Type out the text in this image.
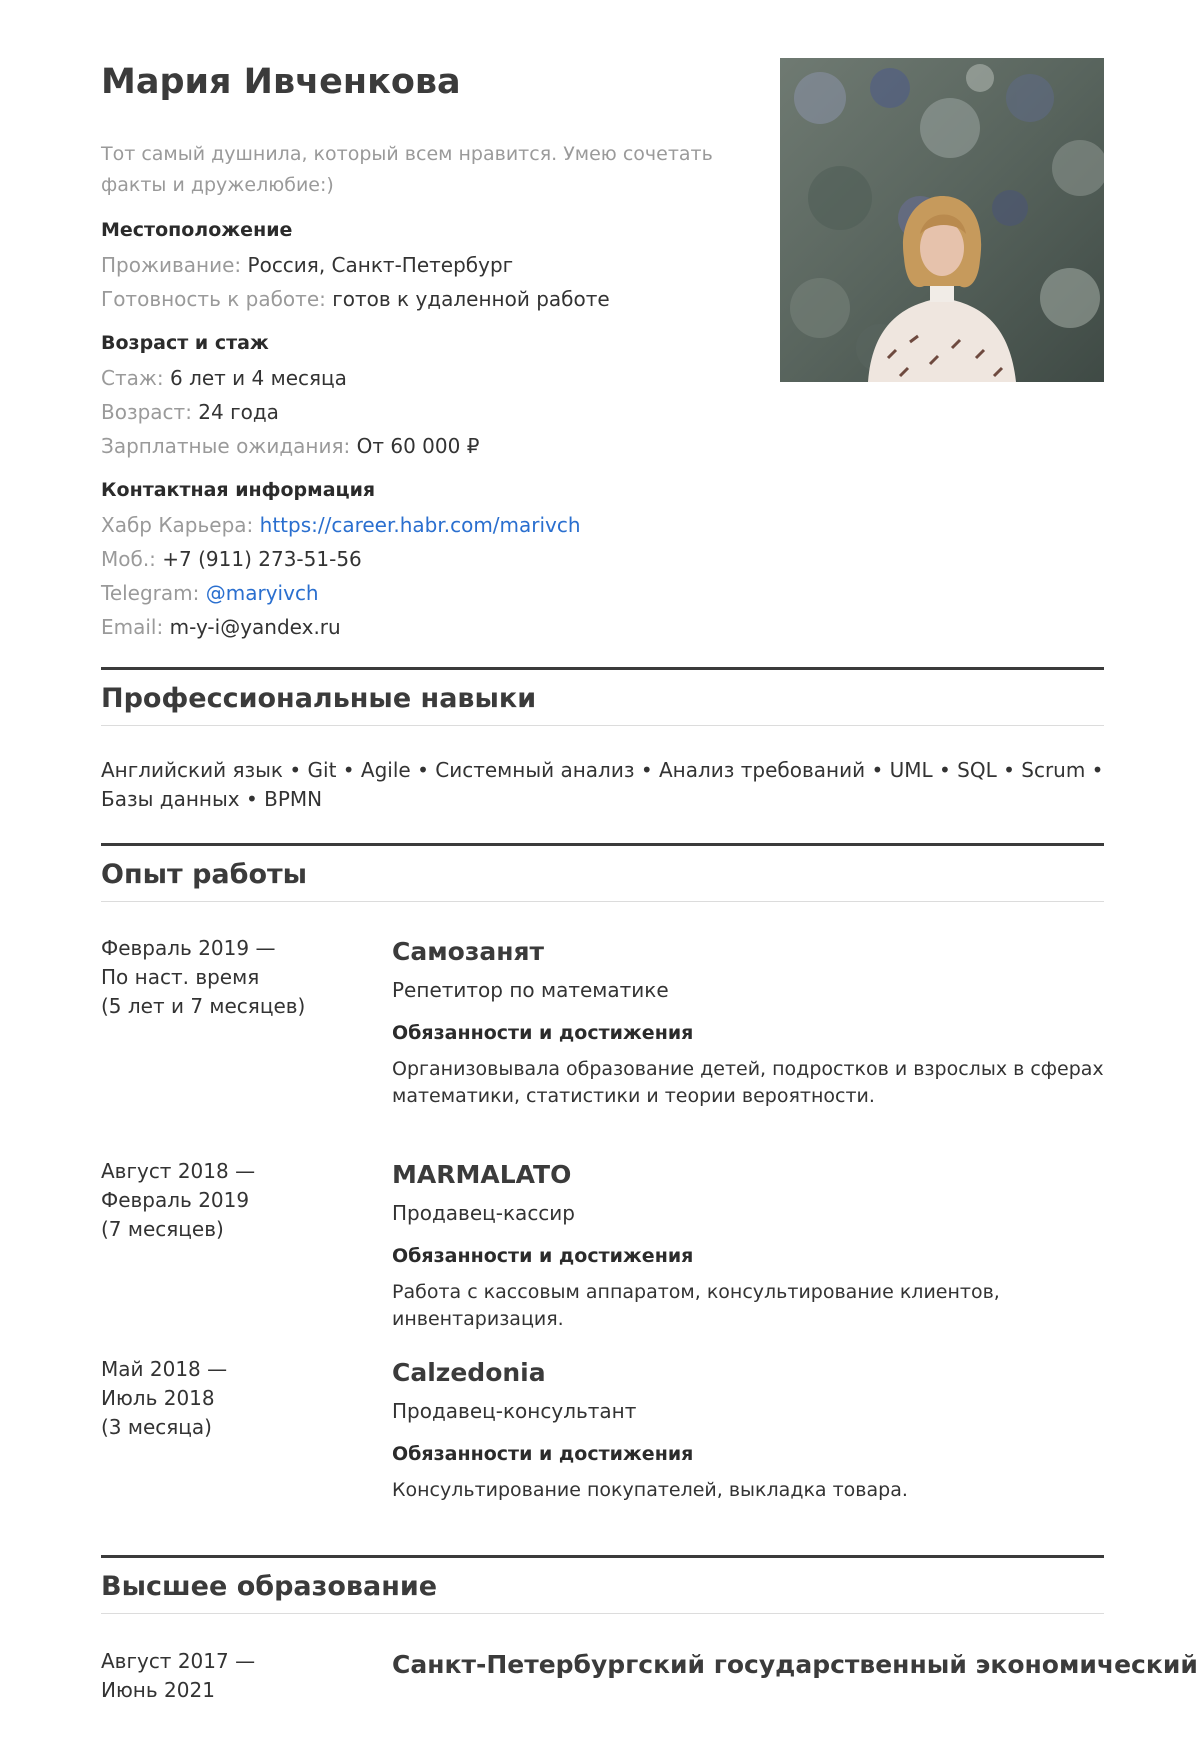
Мария Ивченкова
Тот самый душнила, который всем нравится. Умею сочетать факты и дружелюбие:)
Местоположение
Проживание: Россия, Санкт-Петербург
Готовность к работе: готов к удаленной работе
Возраст и стаж
Стаж: 6 лет и 4 месяца
Возраст: 24 года
Зарплатные ожидания: От 60 000 ₽
Контактная информация
Хабр Карьера: https://career.habr.com/marivch
Моб.: +7 (911) 273-51-56
Telegram: @maryivch
Email: m-y-i@yandex.ru
Профессиональные навыки
Английский язык • Git • Agile • Системный анализ • Анализ требований • UML • SQL • Scrum • Базы данных • BPMN
Опыт работы
Февраль 2019 —
По наст. время
(5 лет и 7 месяцев)
Самозанят
Репетитор по математике
Обязанности и достижения
Организовывала образование детей, подростков и взрослых в сферах математики, статистики и теории вероятности.
Август 2018 —
Февраль 2019
(7 месяцев)
MARMALATO
Продавец-кассир
Обязанности и достижения
Работа с кассовым аппаратом, консультирование клиентов, инвентаризация.
Май 2018 —
Июль 2018
(3 месяца)
Calzedonia
Продавец-консультант
Обязанности и достижения
Консультирование покупателей, выкладка товара.
Высшее образование
Август 2017 —
Июнь 2021
Санкт-Петербургский государственный экономический
